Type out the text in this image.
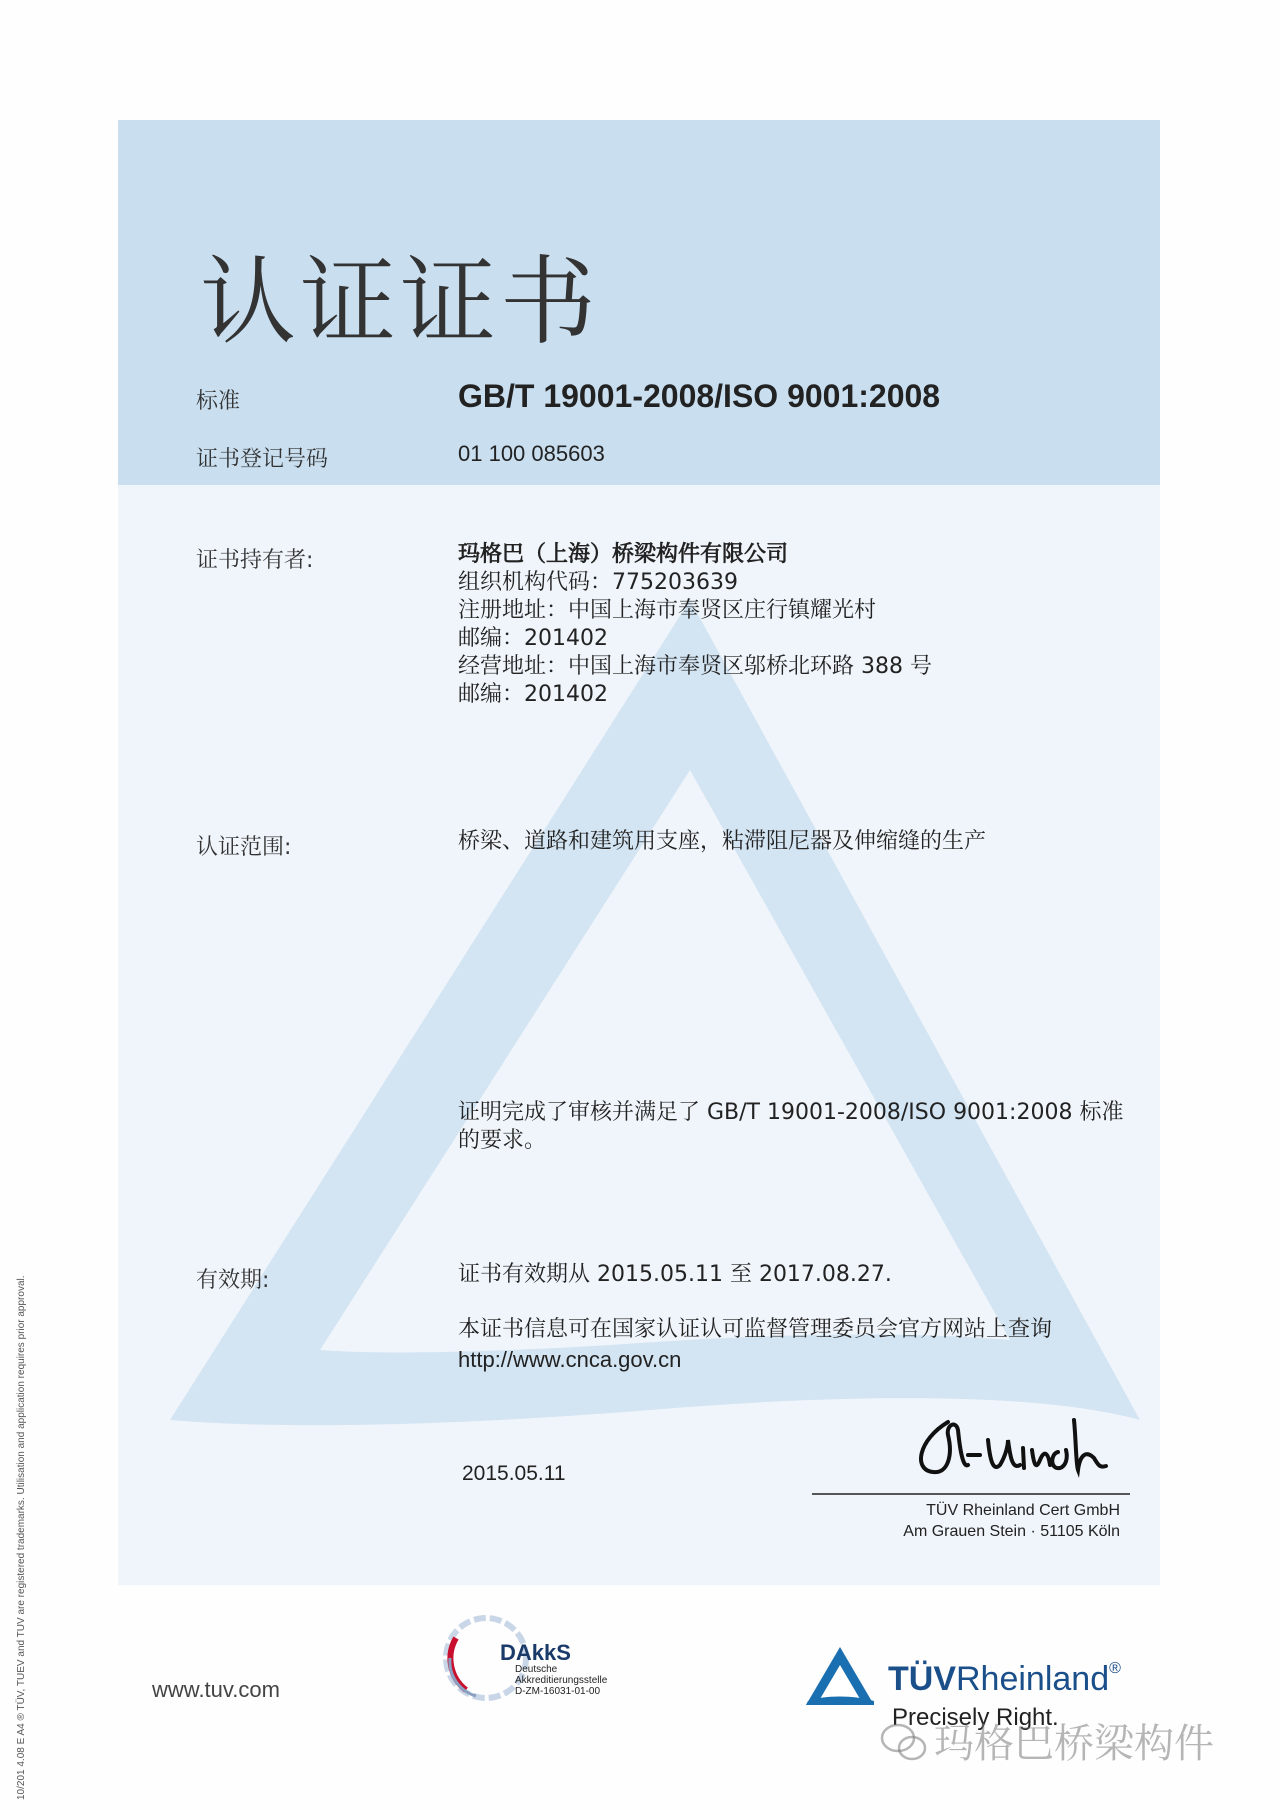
认证证书
标准	GB/T 19001-2008/ISO 9001:2008
证书登记号码	01 100 085603
证书持有者:	玛格巴（上海）桥梁构件有限公司
组织机构代码：775203639
注册地址：中国上海市奉贤区庄行镇耀光村
邮编：201402
经营地址：中国上海市奉贤区邬桥北环路 388 号
邮编：201402
认证范围:	桥梁、道路和建筑用支座，粘滞阻尼器及伸缩缝的生产
证明完成了审核并满足了 GB/T 19001-2008/ISO 9001:2008 标准
的要求。
有效期:	证书有效期从 2015.05.11 至 2017.08.27.
本证书信息可在国家认证认可监督管理委员会官方网站上查询
http://www.cnca.gov.cn
2015.05.11
TÜV Rheinland Cert GmbH
Am Grauen Stein · 51105 Köln
10/201 4.08 E A4 ® TÜV, TUEV and TUV are registered trademarks. Utilisation and application requires prior approval.	www.tuv.com
DAkkS
Deutsche
Akkreditierungsstelle
D-ZM-16031-01-00	TÜVRheinland®
Precisely Right.
玛格巴桥梁构件
